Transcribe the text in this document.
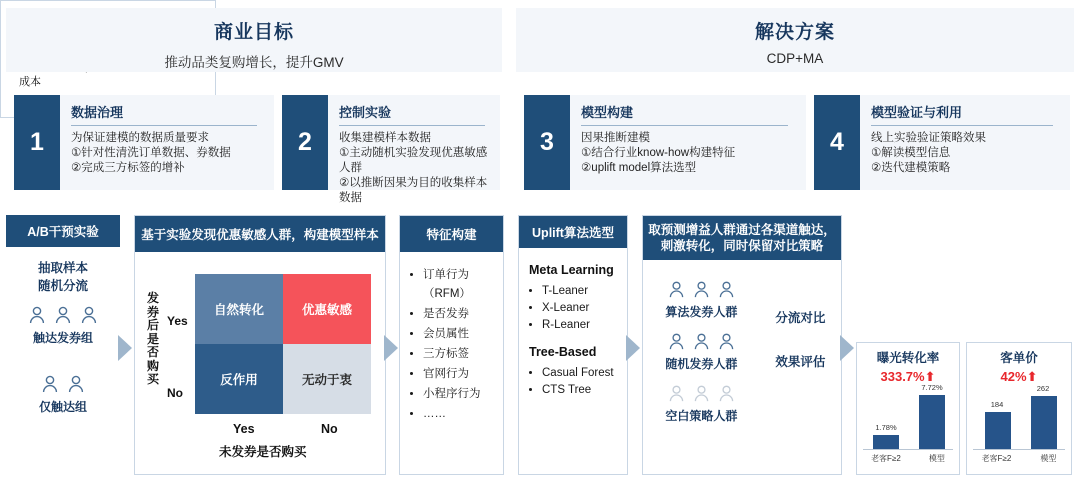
商业目标
推动品类复购增长，提升GMV
解决方案
CDP+MA
1
数据治理
为保证建模的数据质量要求
①针对性清洗订单数据、券数据
②完成三方标签的增补
2
控制实验
收集建模样本数据
①主动随机实验发现优惠敏感人群
②以推断因果为目的收集样本数据
3
模型构建
因果推断建模
①结合行业know-how构建特征
②uplift model算法选型
4
模型验证与利用
线上实验验证策略效果
①解读模型信息
②迭代建模策略
A/B干预实验
抽取样本
随机分流
触达发券组
仅触达组
基于实验发现优惠敏感人群，构建模型样本
发券后是否购买
Yes
No
自然转化	优惠敏感
反作用	无动于衷
Yes	No
未发券是否购买
特征构建
• 订单行为（RFM）
• 是否发券
• 会员属性
• 三方标签
• 官网行为
• 小程序行为
• ……
Uplift算法选型
Meta Learning
• T-Leaner
• X-Leaner
• R-Leaner
Tree-Based
• Casual Forest
• CTS Tree
取预测增益人群通过各渠道触达，刺激转化，同时保留对比策略
算法发券人群
随机发券人群
空白策略人群
分流对比
效果评估
成本
曝光转化率
333.7%⬆
1.78%
7.72%
老客F≥2	模型
客单价
42%⬆
184
262
老客F≥2	模型
